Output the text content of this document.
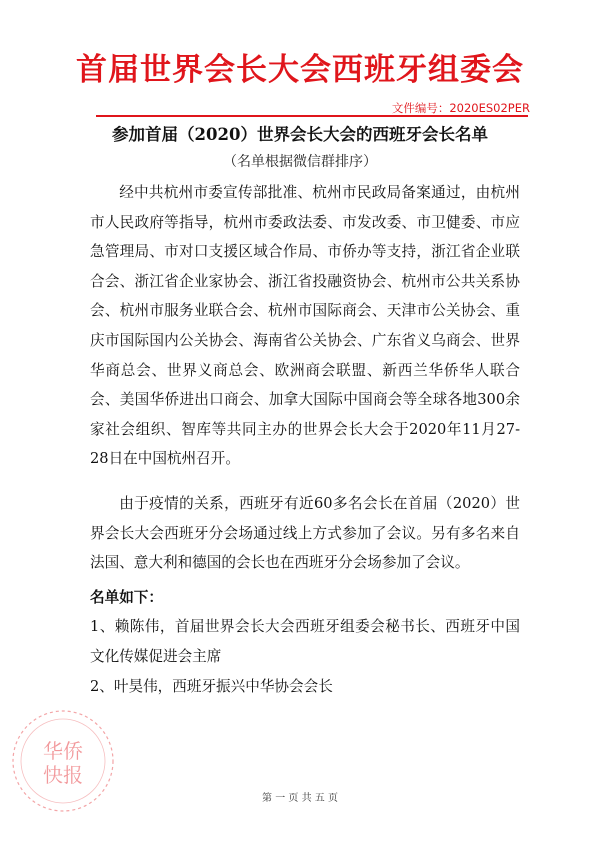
首届世界会长大会西班牙组委会
文件编号：2020ES02PER
参加首届（2020）世界会长大会的西班牙会长名单
（名单根据微信群排序）

经中共杭州市委宣传部批准、杭州市民政局备案通过，由杭州市人民政府等指导，杭州市委政法委、市发改委、市卫健委、市应急管理局、市对口支援区域合作局、市侨办等支持，浙江省企业联合会、浙江省企业家协会、浙江省投融资协会、杭州市公共关系协会、杭州市服务业联合会、杭州市国际商会、天津市公关协会、重庆市国际国内公关协会、海南省公关协会、广东省义乌商会、世界华商总会、世界义商总会、欧洲商会联盟、新西兰华侨华人联合会、美国华侨进出口商会、加拿大国际中国商会等全球各地300余家社会组织、智库等共同主办的世界会长大会于2020年11月27-28日在中国杭州召开。

由于疫情的关系，西班牙有近60多名会长在首届（2020）世界会长大会西班牙分会场通过线上方式参加了会议。另有多名来自法国、意大利和德国的会长也在西班牙分会场参加了会议。

名单如下：

1、赖陈伟，首届世界会长大会西班牙组委会秘书长、西班牙中国文化传媒促进会主席

2、叶昊伟，西班牙振兴中华协会会长

第 一 页 共 五 页
华侨
快报
